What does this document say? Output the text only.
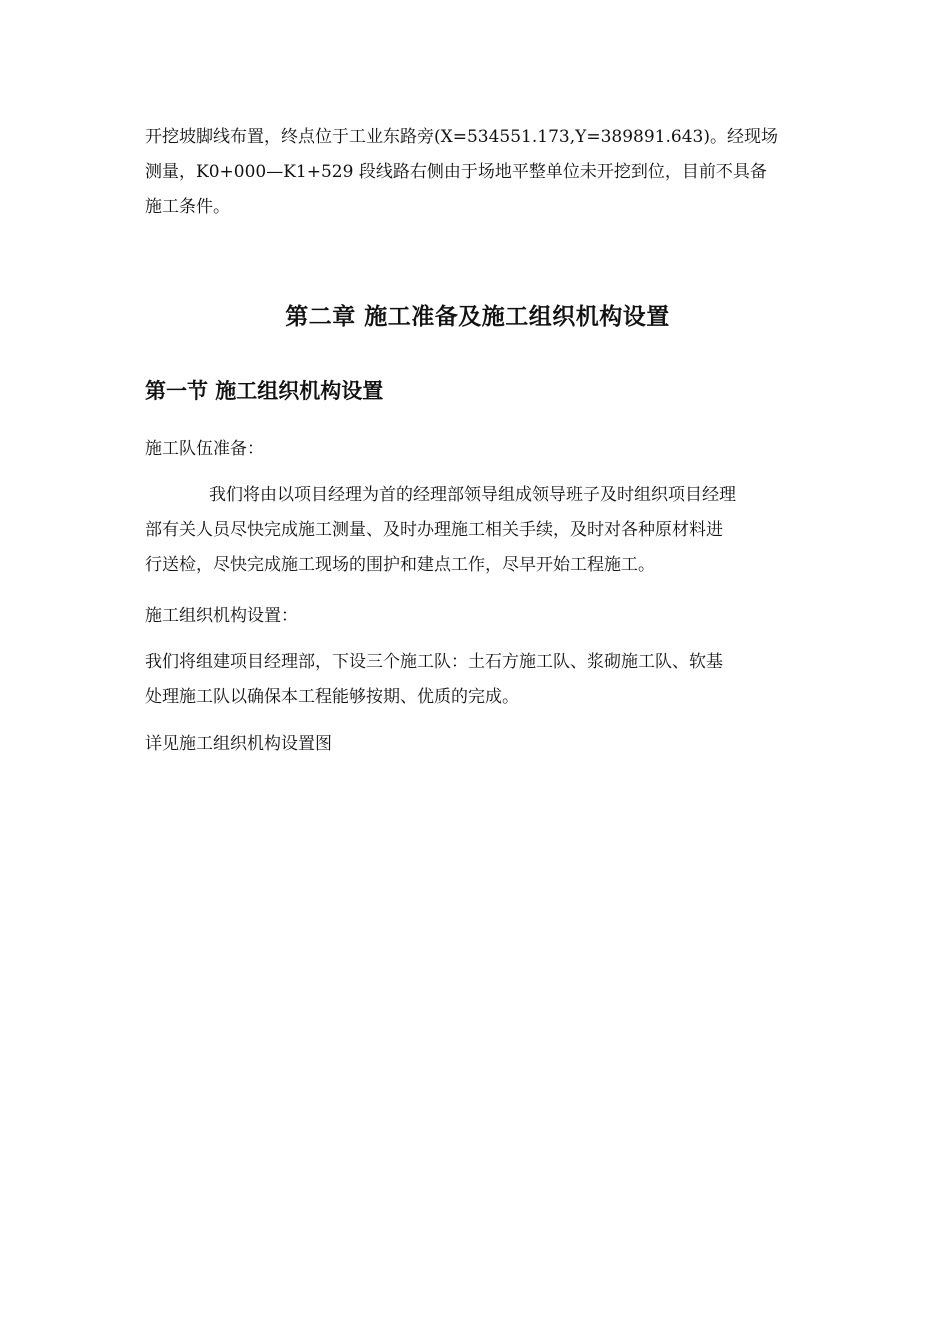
开挖坡脚线布置，终点位于工业东路旁(X=534551.173,Y=389891.643)。经现场

测量，K0+000—K1+529 段线路右侧由于场地平整单位未开挖到位，目前不具备

施工条件。

第二章 施工准备及施工组织机构设置
第一节 施工组织机构设置

施工队伍准备：

我们将由以项目经理为首的经理部领导组成领导班子及时组织项目经理

部有关人员尽快完成施工测量、及时办理施工相关手续，及时对各种原材料进

行送检，尽快完成施工现场的围护和建点工作，尽早开始工程施工。

施工组织机构设置：

我们将组建项目经理部，下设三个施工队：土石方施工队、浆砌施工队、软基

处理施工队以确保本工程能够按期、优质的完成。

详见施工组织机构设置图
